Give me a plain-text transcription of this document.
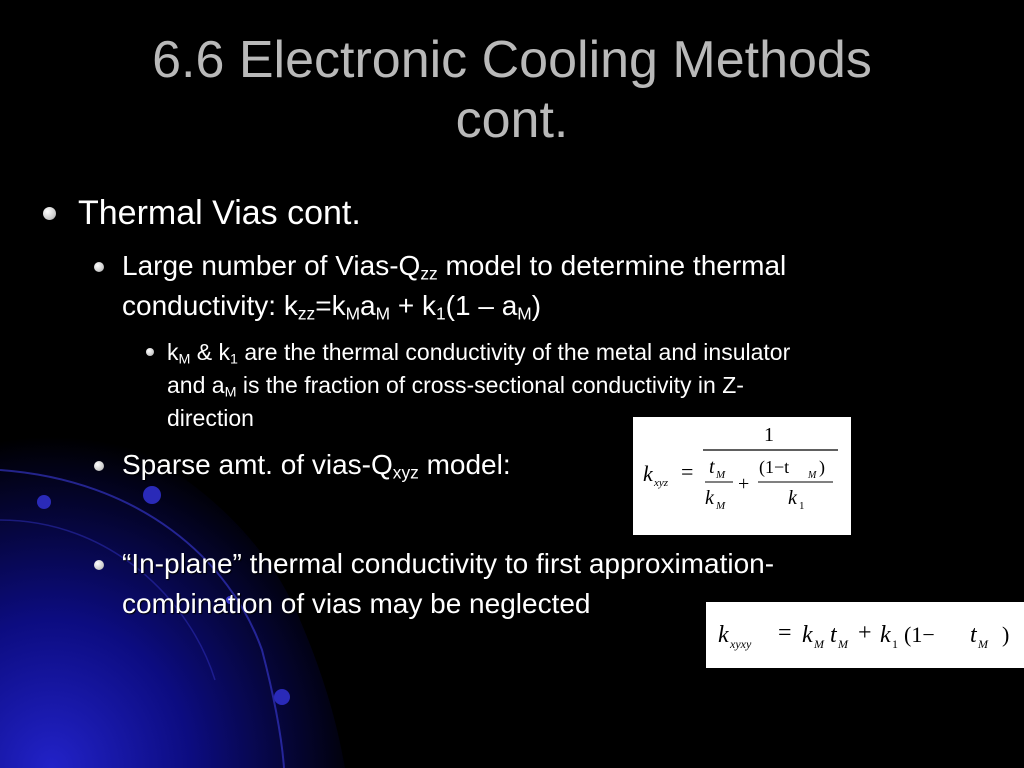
6.6 Electronic Cooling Methods
cont.
Thermal Vias cont.
Large number of Vias-$Q_{zz}$ model to determine thermal
conductivity: $k_{zz}=k_Ma_M + k_1(1 - a_M)$
$k_M$ & $k_1$ are the thermal conductivity of the metal and insulator
and $a_M$ is the fraction of cross-sectional conductivity in Z-
direction
Sparse amt. of vias-$Q_{xyz}$ model:
“In-plane” thermal conductivity to first approximation-
combination of vias may be neglected
k xyz =
1
t M
k M
+
(1−t M )
k 1
k xyxy = k M t M + k 1 (1− t M )
